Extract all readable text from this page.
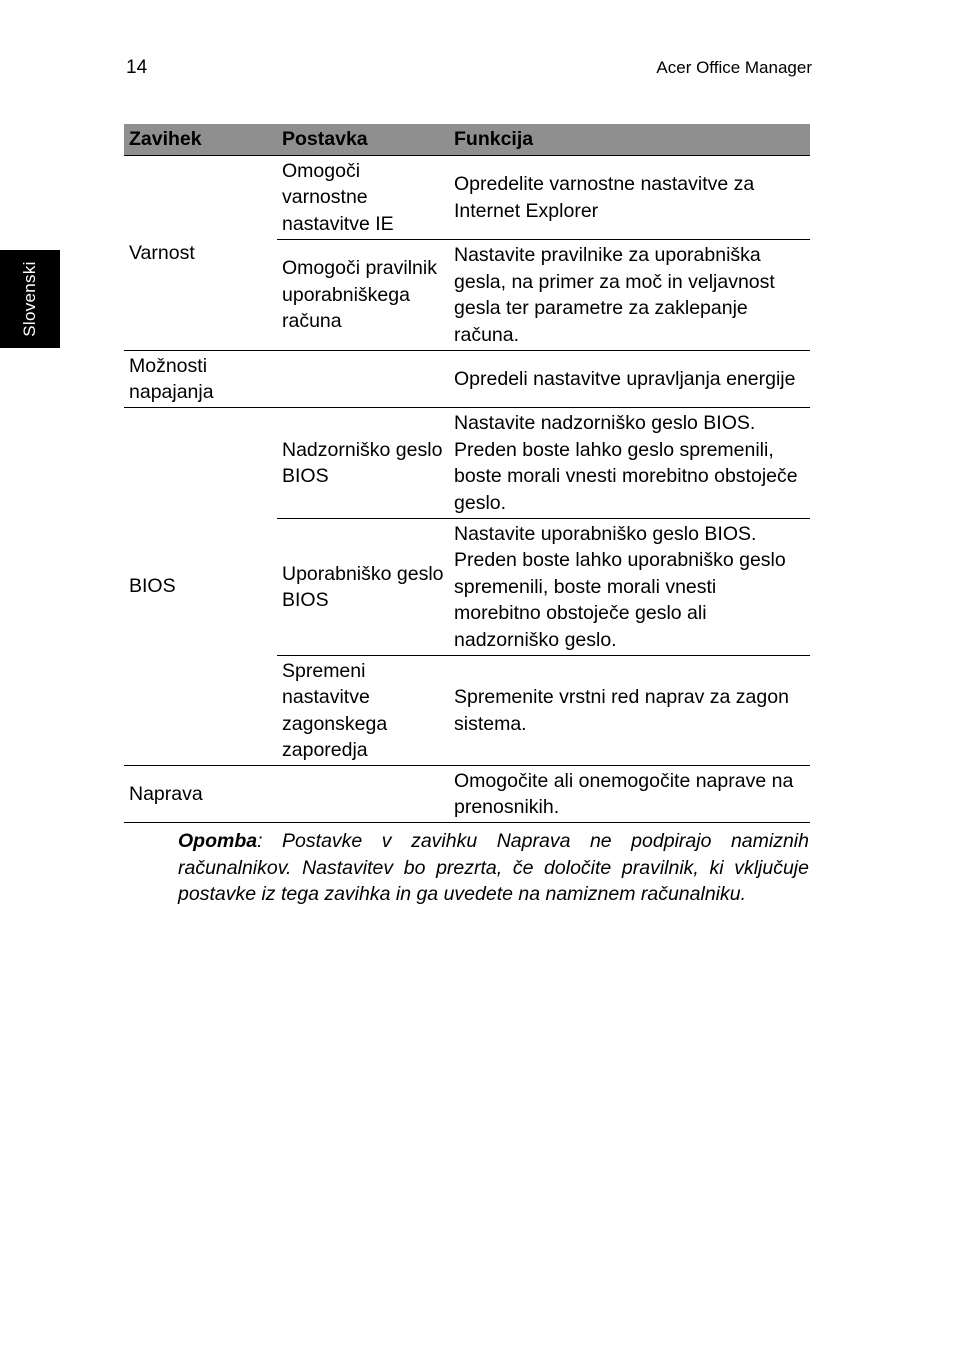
14	Acer Office Manager
Slovenski
Zavihek	Postavka	Funkcija
Varnost	Omogoči varnostne nastavitve IE	Opredelite varnostne nastavitve za Internet Explorer
	Omogoči pravilnik uporabniškega računa	Nastavite pravilnike za uporabniška gesla, na primer za moč in veljavnost gesla ter parametre za zaklepanje računa.
Možnosti napajanja		Opredeli nastavitve upravljanja energije
BIOS	Nadzorniško geslo BIOS	Nastavite nadzorniško geslo BIOS. Preden boste lahko geslo spremenili, boste morali vnesti morebitno obstoječe geslo.
	Uporabniško geslo BIOS	Nastavite uporabniško geslo BIOS. Preden boste lahko uporabniško geslo spremenili, boste morali vnesti morebitno obstoječe geslo ali nadzorniško geslo.
	Spremeni nastavitve zagonskega zaporedja	Spremenite vrstni red naprav za zagon sistema.
Naprava		Omogočite ali onemogočite naprave na prenosnikih.
Opomba: Postavke v zavihku Naprava ne podpirajo namiznih računalnikov. Nastavitev bo prezrta, če določite pravilnik, ki vključuje postavke iz tega zavihka in ga uvedete na namiznem računalniku.
